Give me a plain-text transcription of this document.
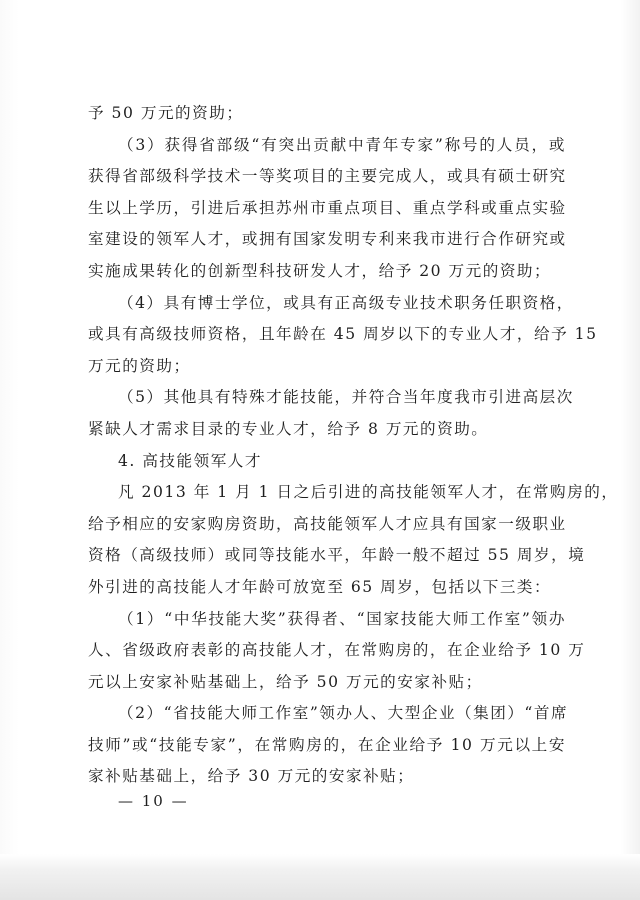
予 50 万元的资助；
（3）获得省部级“有突出贡献中青年专家”称号的人员，或
获得省部级科学技术一等奖项目的主要完成人，或具有硕士研究
生以上学历，引进后承担苏州市重点项目、重点学科或重点实验
室建设的领军人才，或拥有国家发明专利来我市进行合作研究或
实施成果转化的创新型科技研发人才，给予 20 万元的资助；
（4）具有博士学位，或具有正高级专业技术职务任职资格，
或具有高级技师资格，且年龄在 45 周岁以下的专业人才，给予 15
万元的资助；
（5）其他具有特殊才能技能，并符合当年度我市引进高层次
紧缺人才需求目录的专业人才，给予 8 万元的资助。
4. 高技能领军人才
凡 2013 年 1 月 1 日之后引进的高技能领军人才，在常购房的，
给予相应的安家购房资助，高技能领军人才应具有国家一级职业
资格（高级技师）或同等技能水平，年龄一般不超过 55 周岁，境
外引进的高技能人才年龄可放宽至 65 周岁，包括以下三类：
（1）“中华技能大奖”获得者、“国家技能大师工作室”领办
人、省级政府表彰的高技能人才，在常购房的，在企业给予 10 万
元以上安家补贴基础上，给予 50 万元的安家补贴；
（2）“省技能大师工作室”领办人、大型企业（集团）“首席
技师”或“技能专家”，在常购房的，在企业给予 10 万元以上安
家补贴基础上，给予 30 万元的安家补贴；
— 10 —
